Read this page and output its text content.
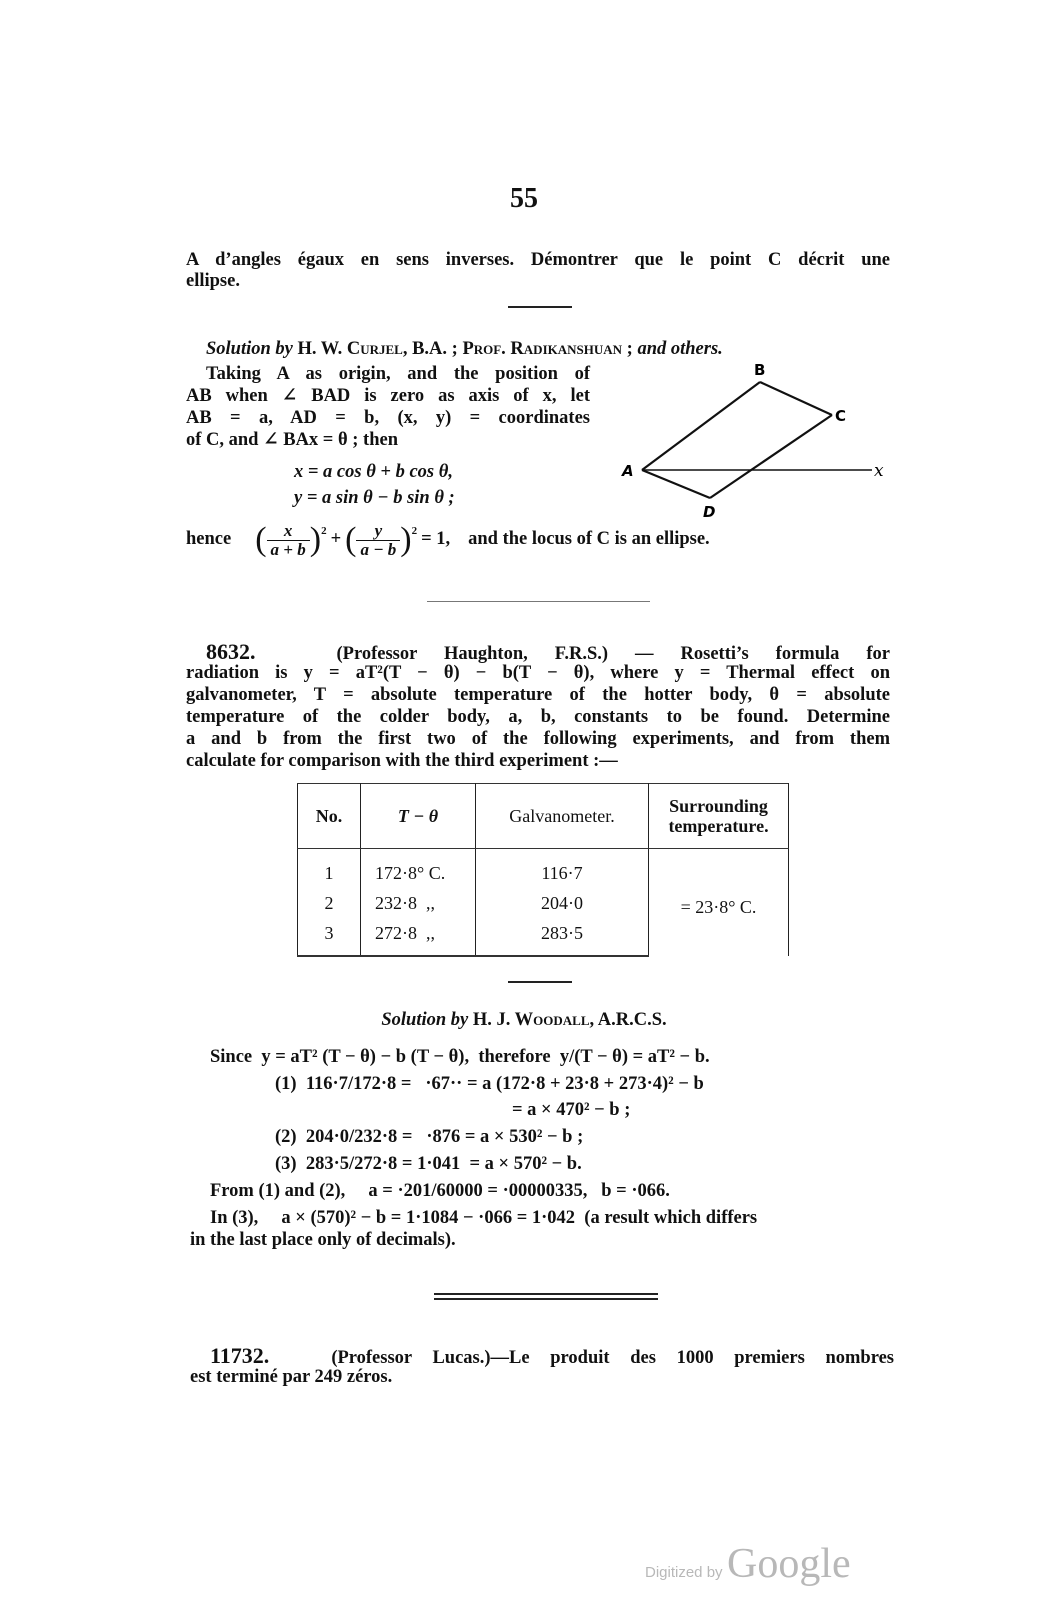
55
A d’angles égaux en sens inverses. Démontrer que le point C décrit une
ellipse.
Solution by H. W. Curjel, B.A. ; Prof. Radikanshuan ; and others.
Taking A as origin, and the position of
AB when ∠ BAD is zero as axis of x, let
AB = a, AD = b, (x, y) = coordinates
of C, and ∠ BAx = θ ; then
x = a cos θ + b cos θ,
y = a sin θ − b sin θ ;
A
B
C
D
x
hence ( $\frac{x}{a + b} )^2$ + ( $\frac{y}{a - b} )^2 = 1$, and the locus of C is an ellipse.
8632.	(Professor Haughton, F.R.S.) — Rosetti’s formula for
radiation is y = aT²(T − θ) − b(T − θ), where y = Thermal effect on
galvanometer, T = absolute temperature of the hotter body, θ = absolute
temperature of the colder body, a, b, constants to be found. Determine
a and b from the first two of the following experiments, and from them
calculate for comparison with the third experiment :—
No.	T − θ	Galvanometer.	Surrounding
temperature.
1	172·8° C.	116·7	= 23·8° C.
2	232·8  ,,	204·0	
3	272·8  ,,	283·5	
Solution by H. J. Woodall, A.R.C.S.
Since  y = aT² (T − θ) − b (T − θ),  therefore  y/(T − θ) = aT² − b.
(1)  116·7/172·8 =   ·67·· = a (172·8 + 23·8 + 273·4)² − b
= a × 470² − b ;
(2)  204·0/232·8 =   ·876 = a × 530² − b ;
(3)  283·5/272·8 = 1·041  = a × 570² − b.
From (1) and (2),     a = ·201/60000 = ·00000335,   b = ·066.
In (3),     a × (570)² − b = 1·1084 − ·066 = 1·042  (a result which differs
in the last place only of decimals).
11732.	(Professor Lucas.)—Le produit des 1000 premiers nombres
est terminé par 249 zéros.
Digitized by Google
